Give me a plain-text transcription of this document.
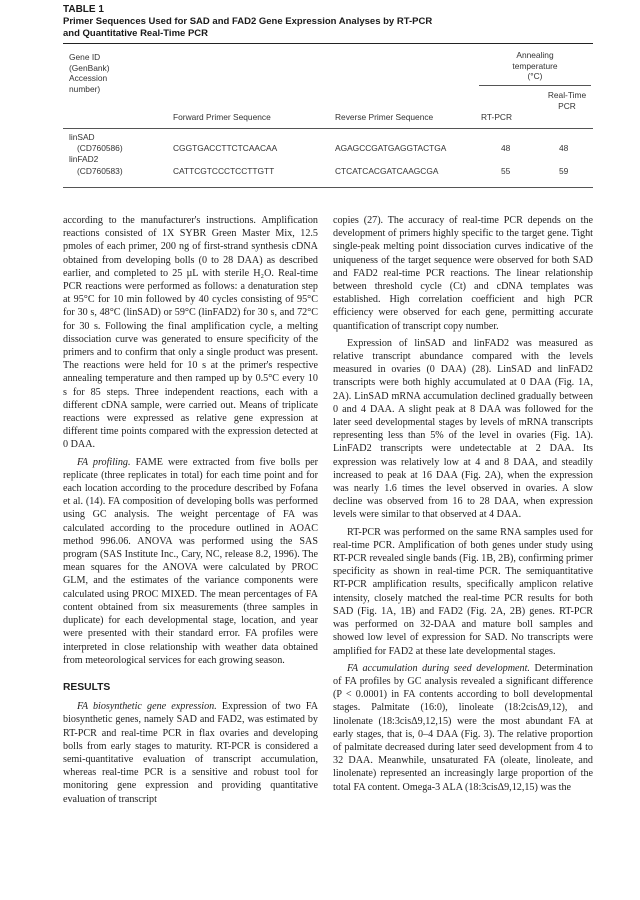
TABLE 1
Primer Sequences Used for SAD and FAD2 Gene Expression Analyses by RT-PCR
and Quantitative Real-Time PCR
Gene ID
(GenBank)
Accession
number)
Forward Primer Sequence	Reverse Primer Sequence
Annealing
temperature
(°C)
RT-PCR
Real-Time
PCR
linSAD
(CD760586)	CGGTGACCTTCTCAACAA	AGAGCCGATGAGGTACTGA	48	48
linFAD2
(CD760583)	CATTCGTCCCTCCTTGTT	CTCATCACGATCAAGCGA	55	59

according to the manufacturer's instructions. Amplification reactions consisted of 1X SYBR Green Master Mix, 12.5 pmoles of each primer, 200 ng of first-strand synthesis cDNA obtained from developing bolls (0 to 28 DAA) as described earlier, and completed to 25 µL with sterile H₂O. Real-time PCR reactions were performed as follows: a denaturation step at 95°C for 10 min followed by 40 cycles consisting of 95°C for 30 s, 48°C (linSAD) or 59°C (linFAD2) for 30 s, and 72°C for 30 s. Following the final amplification cycle, a melting dissociation curve was generated to ensure specificity of the primers and to confirm that only a single product was present. The reactions were held for 10 s at the primer's respective annealing temperature and then ramped up by 0.5°C every 10 s for 85 steps. Three independent reactions, each with a different cDNA sample, were carried out. Means of triplicate reactions were expressed as relative gene expression at different time points compared with the expression detected at 0 DAA.

FA profiling. FAME were extracted from five bolls per replicate (three replicates in total) for each time point and for each location according to the procedure described by Fofana et al. (14). FA composition of developing bolls was performed using GC analysis. The weight percentage of FA was calculated according to the procedure outlined in AOAC method 996.06. ANOVA was performed using the SAS program (SAS Institute Inc., Cary, NC, release 8.2, 1996). The mean squares for the ANOVA were calculated by PROC GLM, and the estimates of the variance components were calculated using PROC MIXED. The mean percentages of FA content obtained from six measurements (three samples in duplicate) for each developmental stage, location, and year were presented with their standard error. FA profiles were interpreted in close relationship with weather data obtained from meteorological services for each growing season.

RESULTS

FA biosynthetic gene expression. Expression of two FA biosynthetic genes, namely SAD and FAD2, was estimated by RT-PCR and real-time PCR in flax ovaries and developing bolls from early stages to maturity. RT-PCR is considered a semi-quantitative evaluation of transcript accumulation, whereas real-time PCR is a sensitive and robust tool for monitoring gene expression and providing quantitative evaluation of transcript

copies (27). The accuracy of real-time PCR depends on the development of primers highly specific to the target gene. Tight single-peak melting point dissociation curves indicative of the uniqueness of the target sequence were observed for both SAD and FAD2 real-time PCR reactions. The linear relationship between threshold cycle (Ct) and cDNA templates was established. High correlation coefficient and high PCR efficiency were observed for each gene, permitting accurate quantification of transcript copy number.

Expression of linSAD and linFAD2 was measured as relative transcript abundance compared with the levels measured in ovaries (0 DAA) (28). LinSAD and linFAD2 transcripts were both highly accumulated at 0 DAA (Fig. 1A, 2A). LinSAD mRNA accumulation declined gradually between 0 and 4 DAA. A slight peak at 8 DAA was followed for the later seed developmental stages by levels of mRNA transcripts representing less than 5% of the level in ovaries (Fig. 1A). LinFAD2 transcripts were undetectable at 2 DAA. Its expression was relatively low at 4 and 8 DAA, and steadily increased to peak at 16 DAA (Fig. 2A), when the expression was nearly 1.6 times the level observed in ovaries. A slow decline was observed from 16 to 28 DAA, when expression levels were similar to that observed at 4 DAA.

RT-PCR was performed on the same RNA samples used for real-time PCR. Amplification of both genes under study using RT-PCR revealed single bands (Fig. 1B, 2B), confirming primer specificity as shown in real-time PCR. The semiquantitative RT-PCR amplification results, specifically amplicon relative intensity, closely matched the real-time PCR results for both SAD (Fig. 1A, 1B) and FAD2 (Fig. 2A, 2B) genes. RT-PCR was performed on 32-DAA and mature boll samples and showed low level of expression for SAD. No transcripts were amplified for FAD2 at these late developmental stages.

FA accumulation during seed development. Determination of FA profiles by GC analysis revealed a significant difference (P < 0.0001) in FA contents according to boll developmental stages. Palmitate (16:0), linoleate (18:2cisΔ9,12), and linolenate (18:3cisΔ9,12,15) were the most abundant FA at early stages, that is, 0–4 DAA (Fig. 3). The relative proportion of palmitate decreased during later seed development from 4 to 32 DAA. Meanwhile, unsaturated FA (oleate, linoleate, and linolenate) represented an increasingly large proportion of the total FA content. Omega-3 ALA (18:3cisΔ9,12,15) was the
